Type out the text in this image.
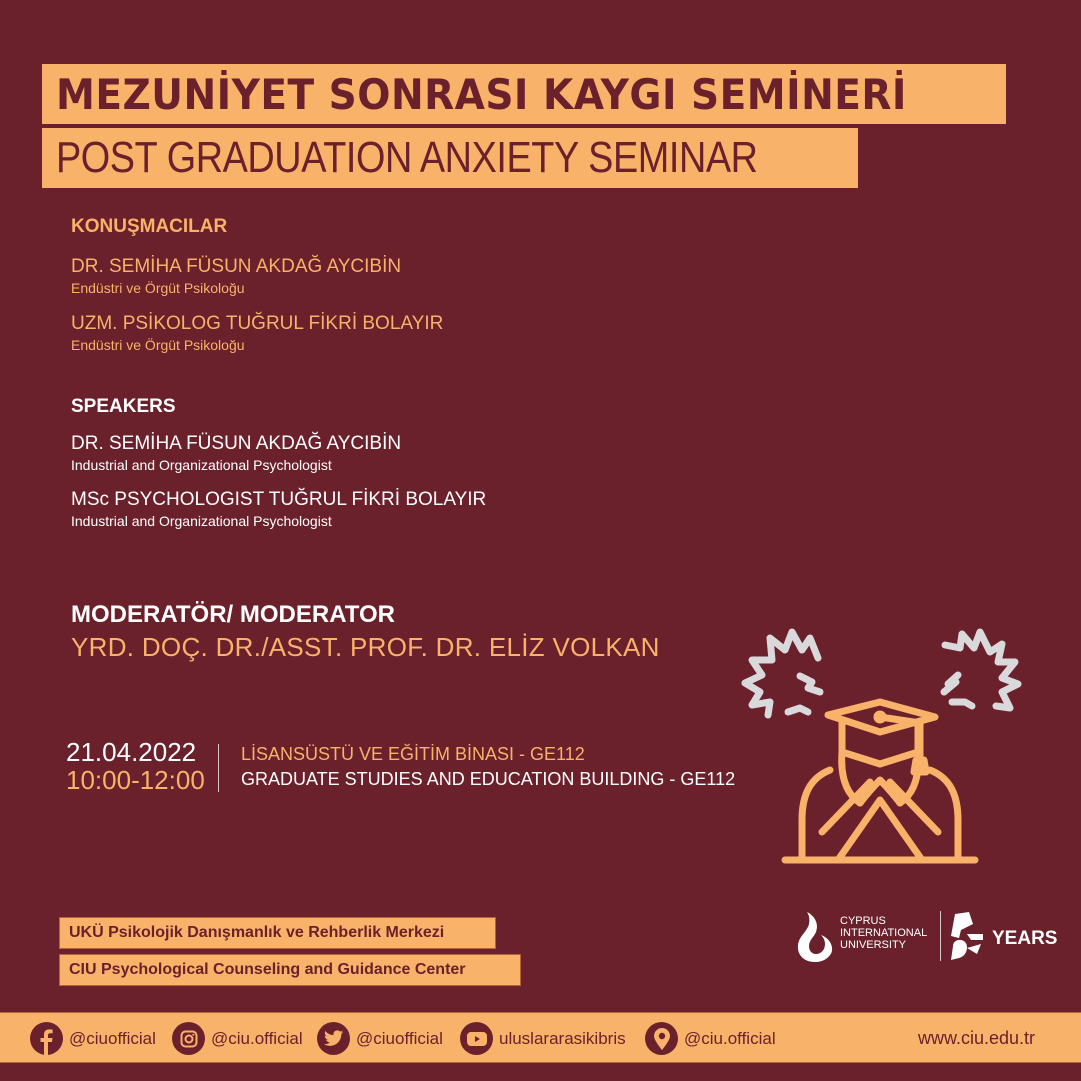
MEZUNİYET SONRASI KAYGI SEMİNERİ
POST GRADUATION ANXIETY SEMINAR
KONUŞMACILAR
DR. SEMİHA FÜSUN AKDAĞ AYCIBİN
Endüstri ve Örgüt Psikoloğu
UZM. PSİKOLOG TUĞRUL FİKRİ BOLAYIR
Endüstri ve Örgüt Psikoloğu
SPEAKERS
DR. SEMİHA FÜSUN AKDAĞ AYCIBİN
Industrial and Organizational Psychologist
MSc PSYCHOLOGIST TUĞRUL FİKRİ BOLAYIR
Industrial and Organizational Psychologist
MODERATÖR/ MODERATOR
YRD. DOÇ. DR./ASST. PROF. DR. ELİZ VOLKAN
21.04.2022
10:00-12:00
LİSANSÜSTÜ VE EĞİTİM BİNASI - GE112
GRADUATE STUDIES AND EDUCATION BUILDING - GE112
UKÜ Psikolojik Danışmanlık ve Rehberlik Merkezi
CIU Psychological Counseling and Guidance Center
CYPRUS
INTERNATIONAL
UNIVERSITY	YEARS
@ciuofficial	@ciu.official	@ciuofficial	uluslararasikibris	@ciu.official	www.ciu.edu.tr
